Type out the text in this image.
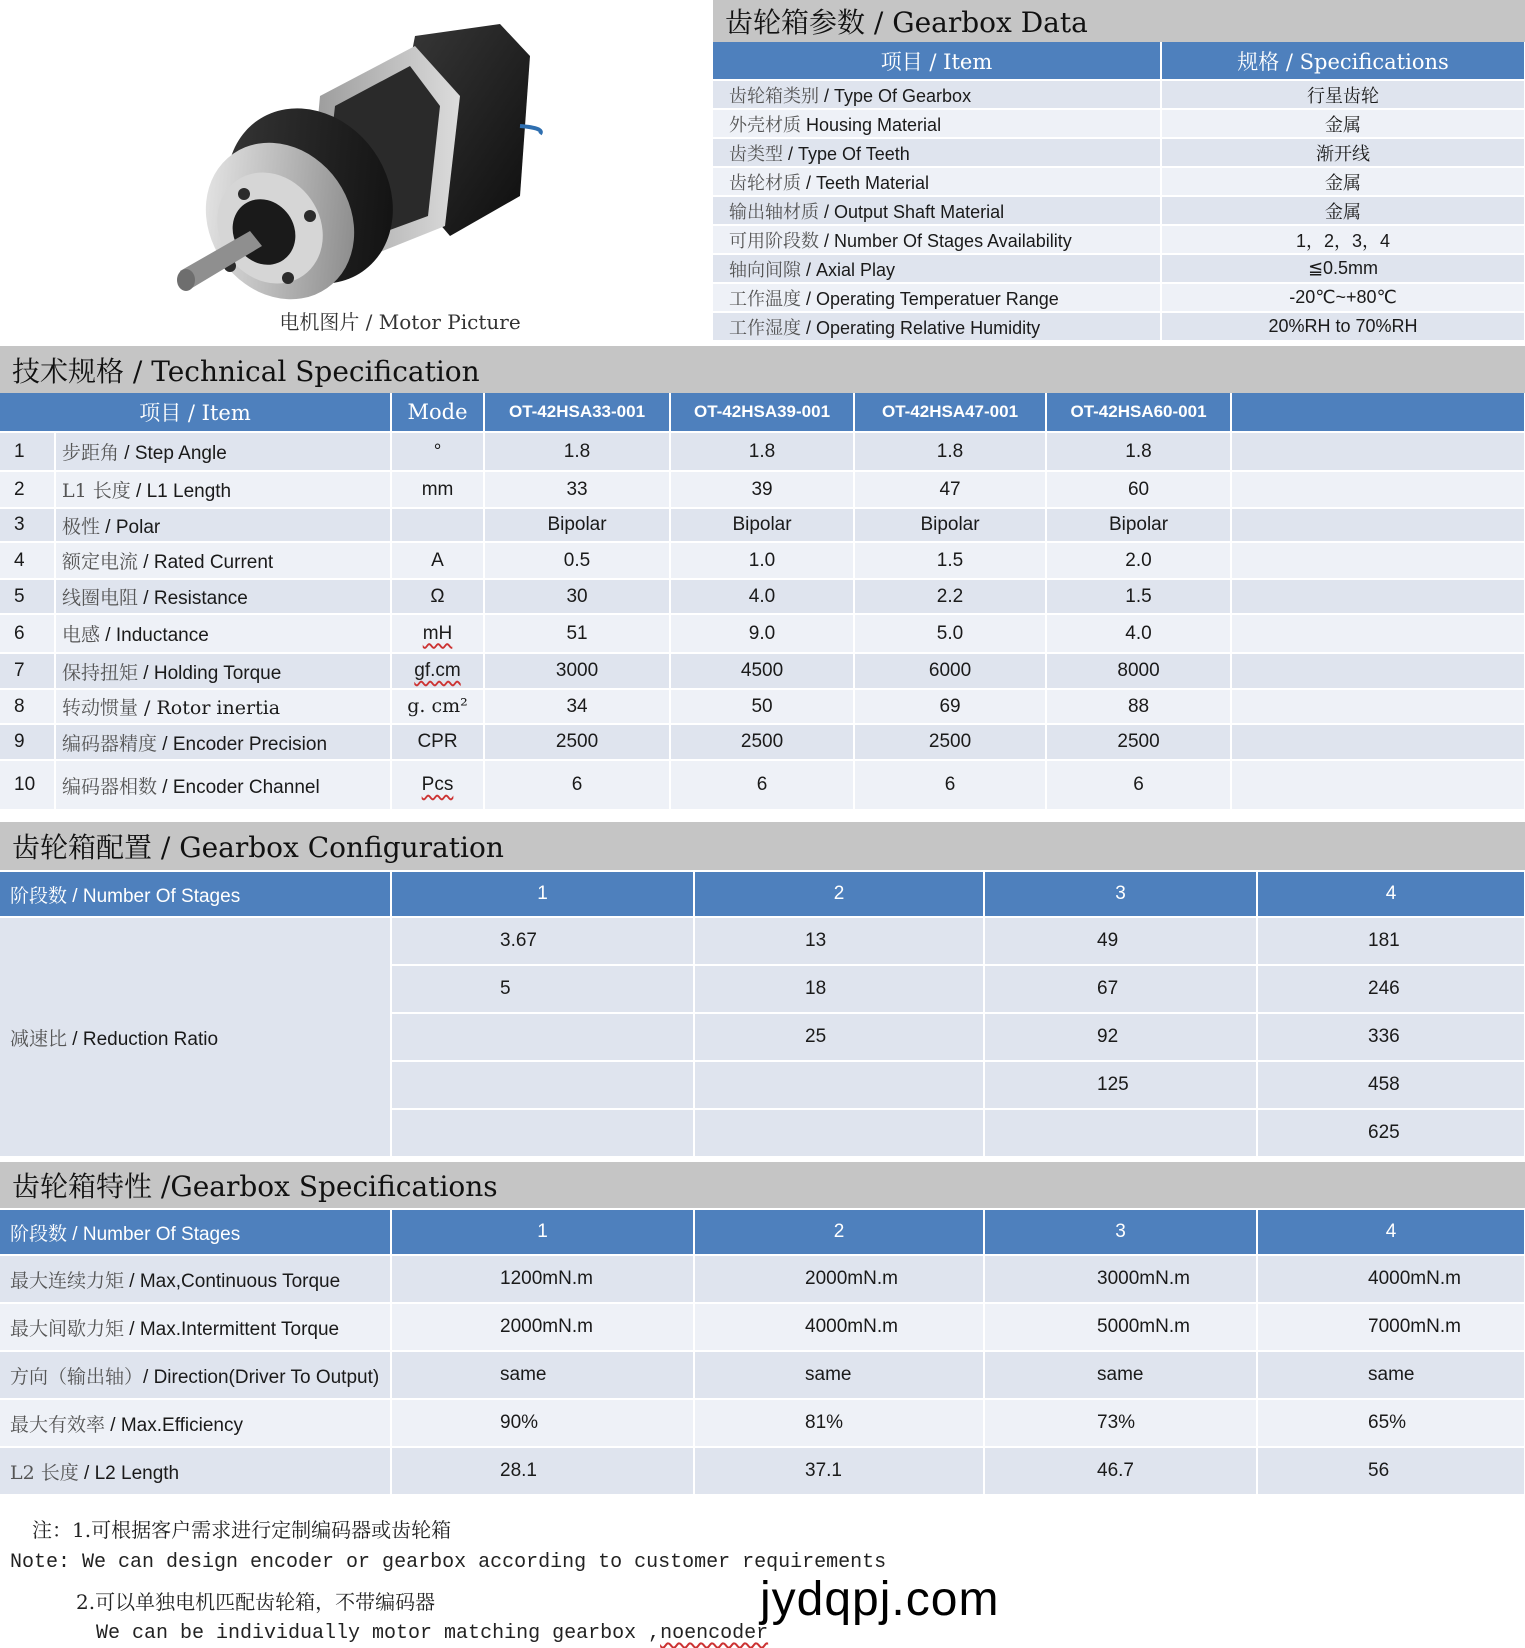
电机图片 / Motor Picture
齿轮箱参数 / Gearbox Data
项目 / Item	规格 / Specifications
齿轮箱类别 / Type Of Gearbox	行星齿轮
外壳材质 Housing Material	金属
齿类型 / Type Of Teeth	渐开线
齿轮材质 / Teeth Material	金属
输出轴材质 / Output Shaft Material	金属
可用阶段数 / Number Of Stages Availability	1，2，3，4
轴向间隙 / Axial Play	≦0.5mm
工作温度 / Operating Temperatuer Range	-20℃~+80℃
工作湿度 / Operating Relative Humidity	20%RH to 70%RH
技术规格 / Technical Specification
项目 / Item		Mode	OT-42HSA33-001	OT-42HSA39-001	OT-42HSA47-001	OT-42HSA60-001	
1	步距角 / Step Angle	°	1.8	1.8	1.8	1.8	
2	L1 长度 / L1 Length	mm	33	39	47	60	
3	极性 / Polar		Bipolar	Bipolar	Bipolar	Bipolar	
4	额定电流 / Rated Current	A	0.5	1.0	1.5	2.0	
5	线圈电阻 / Resistance	Ω	30	4.0	2.2	1.5	
6	电感 / Inductance	mH	51	9.0	5.0	4.0	
7	保持扭矩 / Holding Torque	gf.cm	3000	4500	6000	8000	
8	转动惯量 / Rotor inertia	g. cm²	34	50	69	88	
9	编码器精度 / Encoder Precision	CPR	2500	2500	2500	2500	
10	编码器相数 / Encoder Channel	Pcs	6	6	6	6	
齿轮箱配置 / Gearbox Configuration
阶段数 / Number Of Stages	1	2	3	4
减速比 / Reduction Ratio	3.67	13	49	181
	5	18	67	246
		25	92	336
			125	458
				625
齿轮箱特性 /Gearbox Specifications
阶段数 / Number Of Stages	1	2	3	4
最大连续力矩 / Max,Continuous Torque	1200mN.m	2000mN.m	3000mN.m	4000mN.m
最大间歇力矩 / Max.Intermittent Torque	2000mN.m	4000mN.m	5000mN.m	7000mN.m
方向（输出轴）/ Direction(Driver To Output)	same	same	same	same
最大有效率 / Max.Efficiency	90%	81%	73%	65%
L2 长度 / L2 Length	28.1	37.1	46.7	56
注：1.可根据客户需求进行定制编码器或齿轮箱
Note: We can design encoder or gearbox according to customer requirements
2.可以单独电机匹配齿轮箱，不带编码器
We can be individually motor matching gearbox ,noencoder
jydqpj.com
